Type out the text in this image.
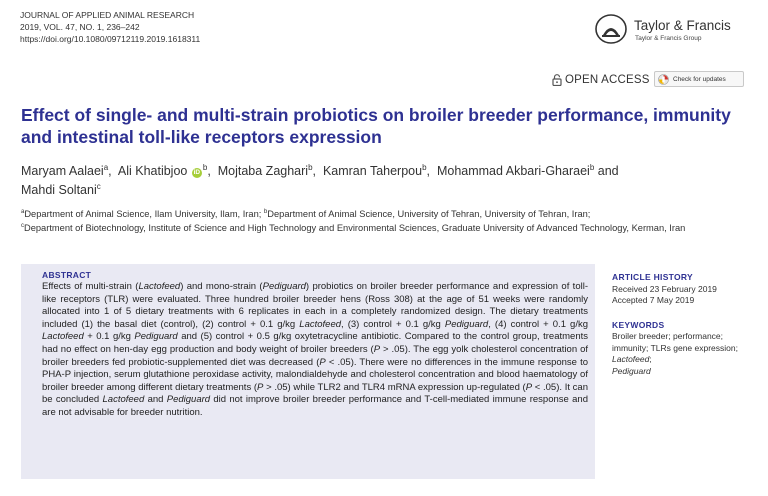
JOURNAL OF APPLIED ANIMAL RESEARCH
2019, VOL. 47, NO. 1, 236–242
https://doi.org/10.1080/09712119.2019.1618311
Taylor & Francis
Taylor & Francis Group
OPEN ACCESS	Check for updates
Effect of single- and multi-strain probiotics on broiler breeder performance, immunity
and intestinal toll-like receptors expression
Maryam Aalaei$^a$,  Ali Khatibjoo $iD^b$,  Mojtaba Zaghari$^b$,  Kamran Taherpou$^b$,  Mohammad Akbari-Gharaei$^b$ and
Mahdi Soltani$^c$
$^a$Department of Animal Science, Ilam University, Ilam, Iran; $^b$Department of Animal Science, University of Tehran, University of Tehran, Iran;
$^c$Department of Biotechnology, Institute of Science and High Technology and Environmental Sciences, Graduate University of Advanced Technology, Kerman, Iran
ABSTRACT

Effects of multi-strain (Lactofeed) and mono-strain (Pediguard) probiotics on broiler breeder performance and expression of toll-like receptors (TLR) were evaluated. Three hundred broiler breeder hens (Ross 308) at the age of 51 weeks were randomly allocated into 1 of 5 dietary treatments with 6 replicates in each in a completely randomized design. The dietary treatments included (1) the basal diet (control), (2) control + 0.1 g/kg Lactofeed, (3) control + 0.1 g/kg Pediguard, (4) control + 0.1 g/kg Lactofeed + 0.1 g/kg Pediguard and (5) control + 0.5 g/kg oxytetracycline antibiotic. Compared to the control group, treatments had no effect on hen-day egg production and body weight of broiler breeders (P > .05). The egg yolk cholesterol concentration of broiler breeders fed probiotic-supplemented diet was decreased (P < .05). There were no differences in the immune response to PHA-P injection, serum glutathione peroxidase activity, malondialdehyde and cholesterol concentration and blood haematology of broiler breeder among different dietary treatments (P > .05) while TLR2 and TLR4 mRNA expression up-regulated (P < .05). It can be concluded Lactofeed and Pediguard did not improve broiler breeder performance and T-cell-mediated immune response and are not advisable for breeder nutrition.

ARTICLE HISTORY
Received 23 February 2019
Accepted 7 May 2019
KEYWORDS
Broiler breeder; performance; immunity; TLRs gene expression; Lactofeed;
Pediguard
